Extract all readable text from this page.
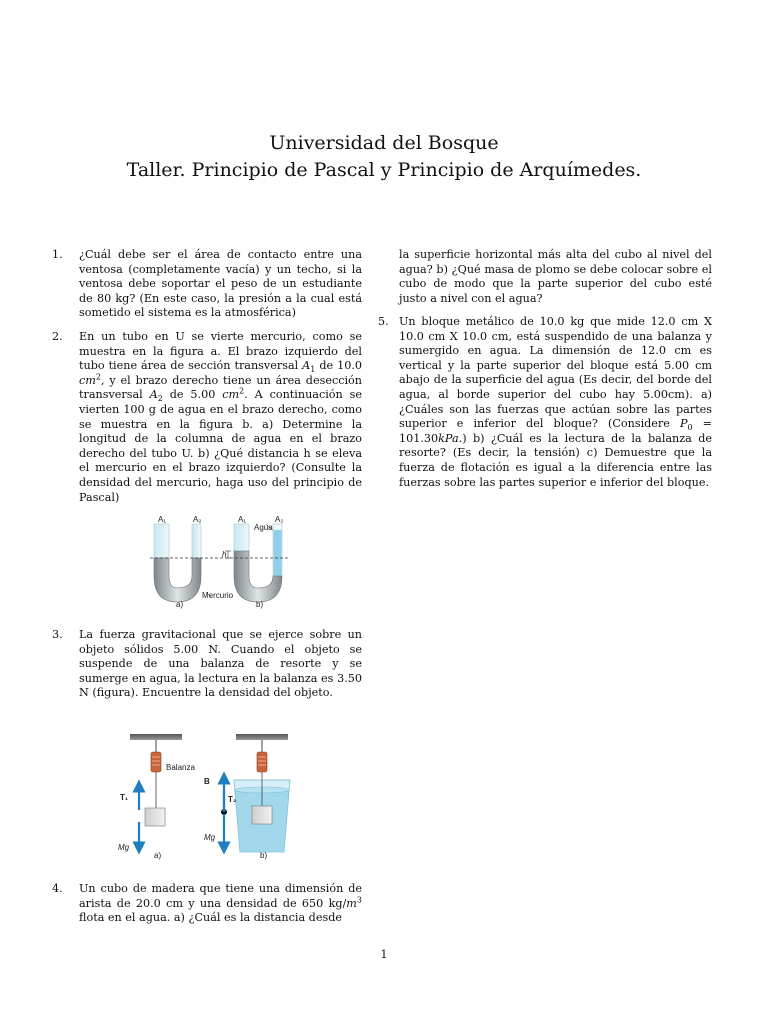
Universidad del Bosque
Taller. Principio de Pascal y Principio de Arquímedes.
1. ¿Cuál debe ser el área de contacto entre una ventosa (completamente vacía) y un techo, si la ventosa debe soportar el peso de un estudiante de 80 kg? (En este caso, la presión a la cual está sometido el sistema es la atmosférica)
2. En un tubo en U se vierte mercurio, como se muestra en la figura a. El brazo izquierdo del tubo tiene área de sección transversal $A_1$ de 10.0 $cm^2$, y el brazo derecho tiene un área desección transversal $A_2$ de 5.00 $cm^2$. A continuación se vierten 100 g de agua en el brazo derecho, como se muestra en la figura b. a) Determine la longitud de la columna de agua en el brazo derecho del tubo U. b) ¿Qué distancia h se eleva el mercurio en el brazo izquierdo? (Consulte la densidad del mercurio, haga uso del principio de Pascal)
3. La fuerza gravitacional que se ejerce sobre un objeto sólidos 5.00 N. Cuando el objeto se suspende de una balanza de resorte y se sumerge en agua, la lectura en la balanza es 3.50 N (figura). Encuentre la densidad del objeto.
4. Un cubo de madera que tiene una dimensión de arista de 20.0 cm y una densidad de 650 $kg/m^3$ flota en el agua. a) ¿Cuál es la distancia desde
la superficie horizontal más alta del cubo al nivel del agua? b) ¿Qué masa de plomo se debe colocar sobre el cubo de modo que la parte superior del cubo esté justo a nivel con el agua?
5. Un bloque metálico de 10.0 kg que mide 12.0 cm X 10.0 cm X 10.0 cm, está suspendido de una balanza y sumergido en agua. La dimensión de 12.0 cm es vertical y la parte superior del bloque está 5.00 cm abajo de la superficie del agua (Es decir, del borde del agua, al borde superior del cubo hay 5.00cm). a) ¿Cuáles son las fuerzas que actúan sobre las partes superior e inferior del bloque? (Considere $P_0 = 101.30kPa$.) b) ¿Cuál es la lectura de la balanza de resorte? (Es decir, la tensión) c) Demuestre que la fuerza de flotación es igual a la diferencia entre las fuerzas sobre las partes superior e inferior del bloque.
A₁	A₂	A₁	A₂
Agua
h
Mercurio
a)	b)
Balanza
T₁
B
T₂
Mg
Mg
a)	b)
1
